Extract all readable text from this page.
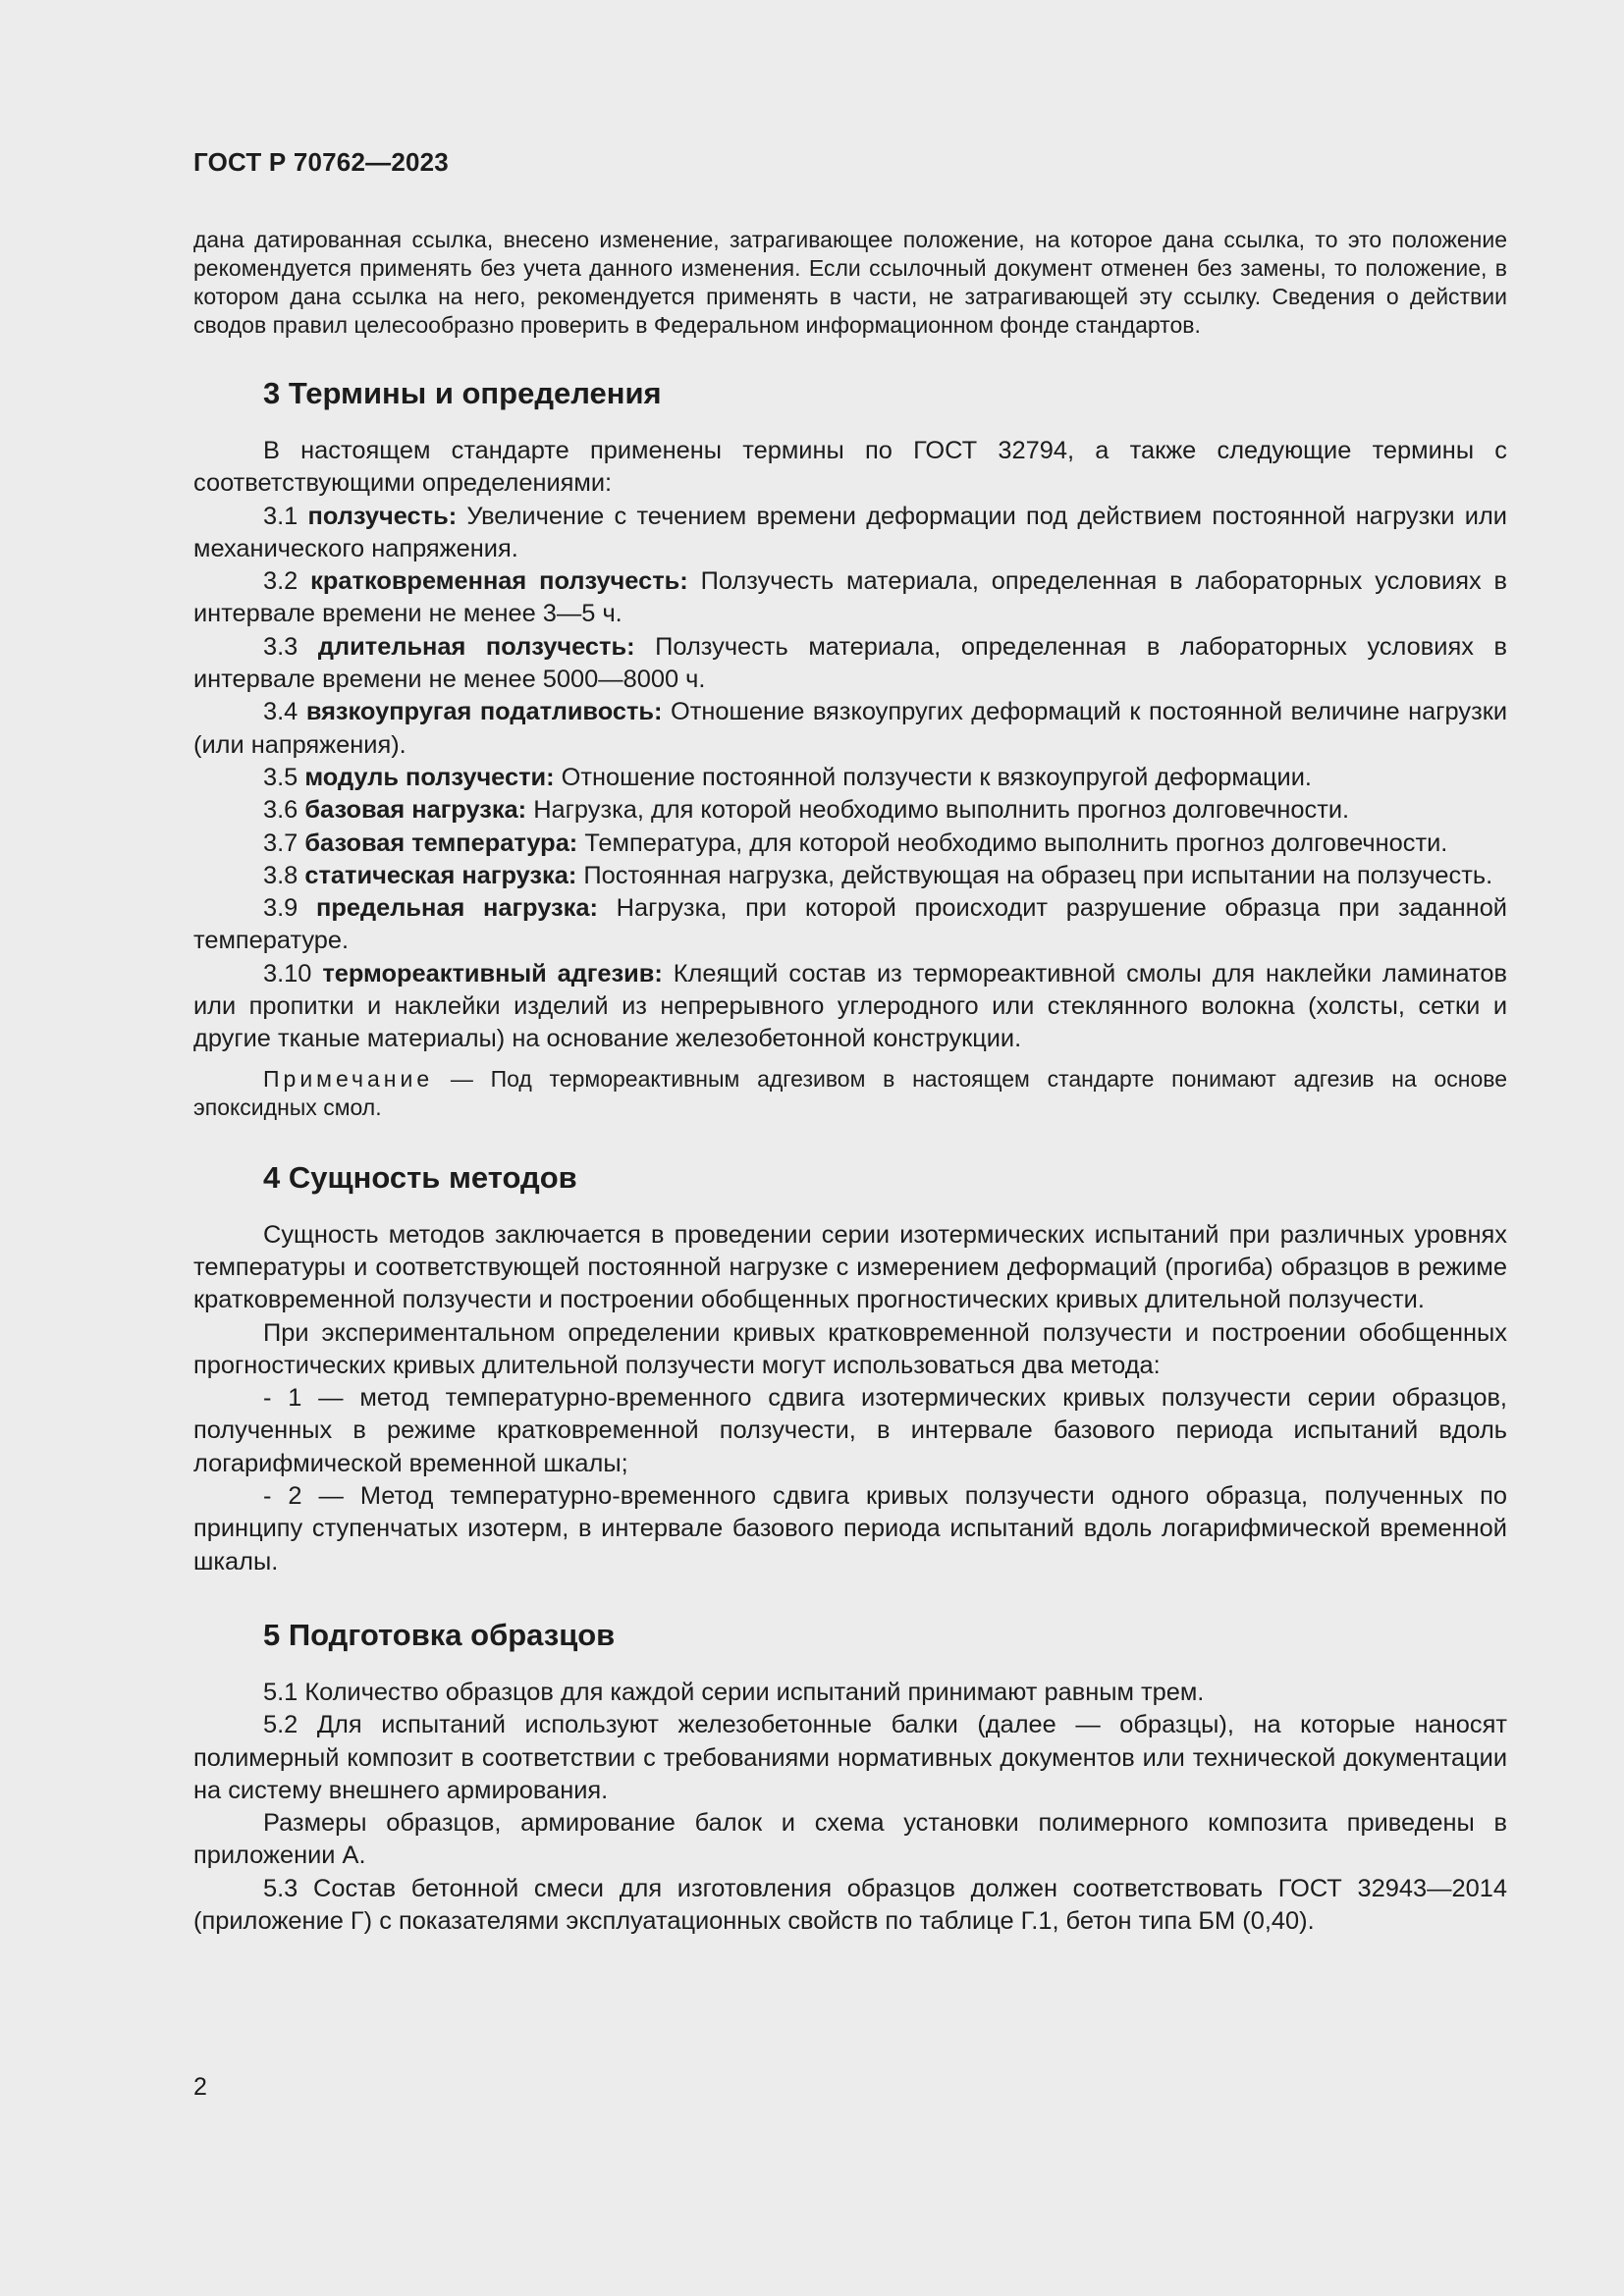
ГОСТ Р 70762—2023

дана датированная ссылка, внесено изменение, затрагивающее положение, на которое дана ссылка, то это положение рекомендуется применять без учета данного изменения. Если ссылочный документ отменен без замены, то положение, в котором дана ссылка на него, рекомендуется применять в части, не затрагивающей эту ссылку. Сведения о действии сводов правил целесообразно проверить в Федеральном информационном фонде стандартов.

3 Термины и определения

В настоящем стандарте применены термины по ГОСТ 32794, а также следующие термины с соответствующими определениями:

3.1 ползучесть: Увеличение с течением времени деформации под действием постоянной нагрузки или механического напряжения.

3.2 кратковременная ползучесть: Ползучесть материала, определенная в лабораторных условиях в интервале времени не менее 3—5 ч.

3.3 длительная ползучесть: Ползучесть материала, определенная в лабораторных условиях в интервале времени не менее 5000—8000 ч.

3.4 вязкоупругая податливость: Отношение вязкоупругих деформаций к постоянной величине нагрузки (или напряжения).

3.5 модуль ползучести: Отношение постоянной ползучести к вязкоупругой деформации.

3.6 базовая нагрузка: Нагрузка, для которой необходимо выполнить прогноз долговечности.

3.7 базовая температура: Температура, для которой необходимо выполнить прогноз долговечности.

3.8 статическая нагрузка: Постоянная нагрузка, действующая на образец при испытании на ползучесть.

3.9 предельная нагрузка: Нагрузка, при которой происходит разрушение образца при заданной температуре.

3.10 термореактивный адгезив: Клеящий состав из термореактивной смолы для наклейки ламинатов или пропитки и наклейки изделий из непрерывного углеродного или стеклянного волокна (холсты, сетки и другие тканые материалы) на основание железобетонной конструкции.

Примечание — Под термореактивным адгезивом в настоящем стандарте понимают адгезив на основе эпоксидных смол.

4 Сущность методов

Сущность методов заключается в проведении серии изотермических испытаний при различных уровнях температуры и соответствующей постоянной нагрузке с измерением деформаций (прогиба) образцов в режиме кратковременной ползучести и построении обобщенных прогностических кривых длительной ползучести.

При экспериментальном определении кривых кратковременной ползучести и построении обобщенных прогностических кривых длительной ползучести могут использоваться два метода:

- 1 — метод температурно-временного сдвига изотермических кривых ползучести серии образцов, полученных в режиме кратковременной ползучести, в интервале базового периода испытаний вдоль логарифмической временной шкалы;

- 2 — Метод температурно-временного сдвига кривых ползучести одного образца, полученных по принципу ступенчатых изотерм, в интервале базового периода испытаний вдоль логарифмической временной шкалы.

5 Подготовка образцов

5.1 Количество образцов для каждой серии испытаний принимают равным трем.

5.2 Для испытаний используют железобетонные балки (далее — образцы), на которые наносят полимерный композит в соответствии с требованиями нормативных документов или технической документации на систему внешнего армирования.

Размеры образцов, армирование балок и схема установки полимерного композита приведены в приложении А.

5.3 Состав бетонной смеси для изготовления образцов должен соответствовать ГОСТ 32943—2014 (приложение Г) с показателями эксплуатационных свойств по таблице Г.1, бетон типа БМ (0,40).

2
